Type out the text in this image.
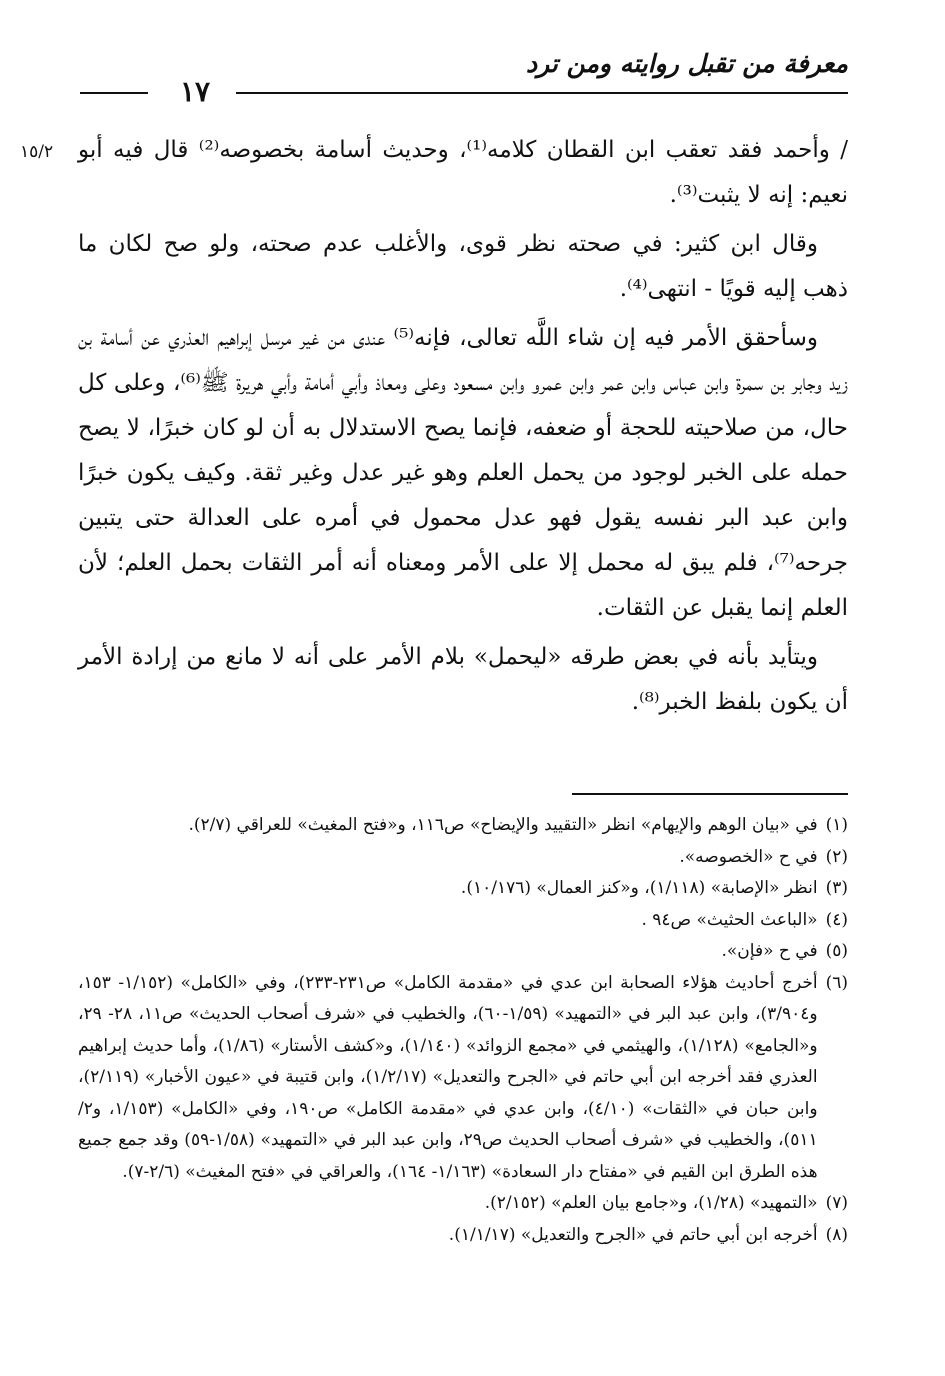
معرفة من تقبل روايته ومن ترد
١٧
١٥/٢ / وأحمد فقد تعقب ابن القطان كلامه⁽¹⁾، وحديث أسامة بخصوصه⁽²⁾ قال فيه أبو نعيم: إنه لا يثبت⁽³⁾.

وقال ابن كثير: في صحته نظر قوى، والأغلب عدم صحته، ولو صح لكان ما ذهب إليه قويًا - انتهى⁽⁴⁾.

وسأحقق الأمر فيه إن شاء اللَّه تعالى، فإنه⁽⁵⁾ عندى من غير مرسل إبراهيم العذري عن أسامة بن زيد وجابر بن سمرة وابن عباس وابن عمر وابن عمرو وابن مسعود وعلى ومعاذ وأبي أمامة وأبي هريرة ﷺ⁽⁶⁾، وعلى كل حال، من صلاحيته للحجة أو ضعفه، فإنما يصح الاستدلال به أن لو كان خبرًا، لا يصح حمله على الخبر لوجود من يحمل العلم وهو غير عدل وغير ثقة. وكيف يكون خبرًا وابن عبد البر نفسه يقول فهو عدل محمول في أمره على العدالة حتى يتبين جرحه⁽⁷⁾، فلم يبق له محمل إلا على الأمر ومعناه أنه أمر الثقات بحمل العلم؛ لأن العلم إنما يقبل عن الثقات.

ويتأيد بأنه في بعض طرقه «ليحمل» بلام الأمر على أنه لا مانع من إرادة الأمر أن يكون بلفظ الخبر⁽⁸⁾.

(١)
في «بيان الوهم والإيهام» انظر «التقييد والإيضاح» ص١١٦، و«فتح المغيث» للعراقي (٢/٧).
(٢)
في ح «الخصوصه».
(٣)
انظر «الإصابة» (١/١١٨)، و«كنز العمال» (١٠/١٧٦).
(٤)
«الباعث الحثيث» ص٩٤ .
(٥)
في ح «فإن».
(٦)
أخرج أحاديث هؤلاء الصحابة ابن عدي في «مقدمة الكامل» ص٢٣١-٢٣٣)، وفي «الكامل» (١/١٥٢- ١٥٣، و٣/٩٠٤)، وابن عبد البر في «التمهيد» (١/٥٩-٦٠)، والخطيب في «شرف أصحاب الحديث» ص١١، ٢٨- ٢٩، و«الجامع» (١/١٢٨)، والهيثمي في «مجمع الزوائد» (١/١٤٠)، و«كشف الأستار» (١/٨٦)، وأما حديث إبراهيم العذري فقد أخرجه ابن أبي حاتم في «الجرح والتعديل» (١/٢/١٧)، وابن قتيبة في «عيون الأخبار» (٢/١١٩)، وابن حبان في «الثقات» (٤/١٠)، وابن عدي في «مقدمة الكامل» ص١٩٠، وفي «الكامل» (١/١٥٣، و٢/ ٥١١)، والخطيب في «شرف أصحاب الحديث ص٢٩، وابن عبد البر في «التمهيد» (١/٥٨-٥٩) وقد جمع جميع هذه الطرق ابن القيم في «مفتاح دار السعادة» (١/١٦٣- ١٦٤)، والعراقي في «فتح المغيث» (٢/٦-٧).
(٧)
«التمهيد» (١/٢٨)، و«جامع بيان العلم» (٢/١٥٢).
(٨)
أخرجه ابن أبي حاتم في «الجرح والتعديل» (١/١/١٧).
